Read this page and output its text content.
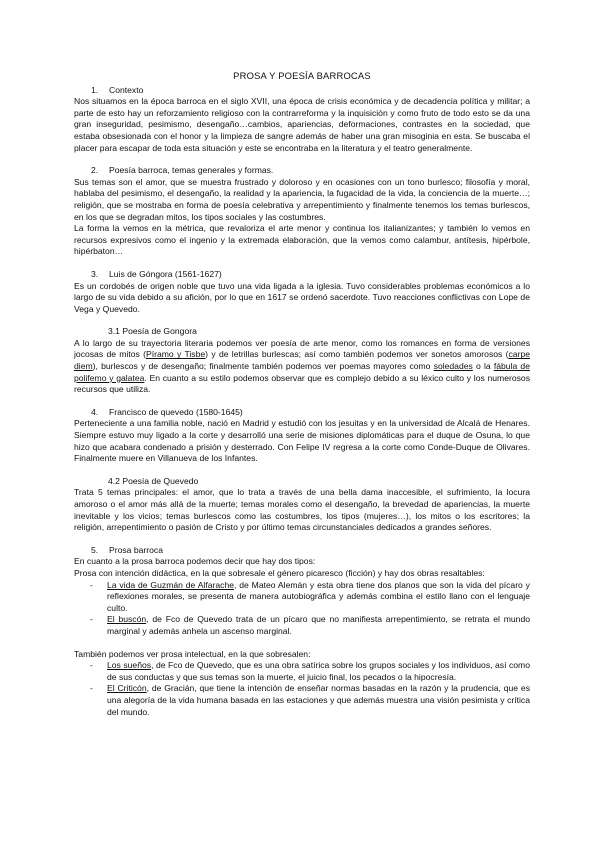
PROSA Y POESÍA BARROCAS
1. Contexto

Nos situamos en la época barroca en el siglo XVII, una época de crisis económica y de decadencia política y militar; a parte de esto hay un reforzamiento religioso con la contrarreforma y la inquisición y como fruto de todo esto se da una gran inseguridad, pesimismo, desengaño…cambios, apariencias, deformaciones, contrastes en la sociedad, que estaba obsesionada con el honor y la limpieza de sangre además de haber una gran misoginia en esta. Se buscaba el placer para escapar de toda esta situación y este se encontraba en la literatura y el teatro generalmente.

2. Poesía barroca, temas generales y formas.

Sus temas son el amor, que se muestra frustrado y doloroso y en ocasiones con un tono burlesco; filosofía y moral, hablaba del pesimismo, el desengaño, la realidad y la apariencia, la fugacidad de la vida, la conciencia de la muerte…; religión, que se mostraba en forma de poesía celebrativa y arrepentimiento y finalmente tenemos los temas burlescos, en los que se degradan mitos, los tipos sociales y las costumbres.

La forma la vemos en la métrica, que revaloriza el arte menor y continua los italianizantes; y también lo vemos en recursos expresivos como el ingenio y la extremada elaboración, que la vemos como calambur, antítesis, hipérbole, hipérbaton…

3. Luis de Góngora (1561-1627)

Es un cordobés de origen noble que tuvo una vida ligada a la iglesia. Tuvo considerables problemas económicos a lo largo de su vida debido a su afición, por lo que en 1617 se ordenó sacerdote. Tuvo reacciones conflictivas con Lope de Vega y Quevedo.

3.1 Poesía de Gongora

A lo largo de su trayectoria literaria podemos ver poesía de arte menor, como los romances en forma de versiones jocosas de mitos (Píramo y Tisbe) y de letrillas burlescas; así como también podemos ver sonetos amorosos (carpe diem), burlescos y de desengaño; finalmente también podemos ver poemas mayores como soledades o la fábula de polifemo y galatea. En cuanto a su estilo podemos observar que es complejo debido a su léxico culto y los numerosos recursos que utiliza.

4. Francisco de quevedo (1580-1645)

Perteneciente a una familia noble, nació en Madrid y estudió con los jesuitas y en la universidad de Alcalá de Henares. Siempre estuvo muy ligado a la corte y desarrolló una serie de misiones diplomáticas para el duque de Osuna, lo que hizo que acabara condenado a prisión y desterrado. Con Felipe IV regresa a la corte como Conde-Duque de Olivares. Finalmente muere en Villanueva de los Infantes.

4.2 Poesía de Quevedo

Trata 5 temas principales: el amor, que lo trata a través de una bella dama inaccesible, el sufrimiento, la locura amoroso o el amor más allá de la muerte; temas morales como el desengaño, la brevedad de apariencias, la muerte inevitable y los vicios; temas burlescos como las costumbres, los tipos (mujeres…), los mitos o los escritores; la religión, arrepentimiento o pasión de Cristo y por último temas circunstanciales dedicados a grandes señores.

5. Prosa barroca

En cuanto a la prosa barroca podemos decir que hay dos tipos:

Prosa con intención didáctica, en la que sobresale el género picaresco (ficción) y hay dos obras resaltables:

- La vida de Guzmán de Alfarache, de Mateo Alemán y esta obra tiene dos planos que son la vida del pícaro y reflexiones morales, se presenta de manera autobiográfica y además combina el estilo llano con el lenguaje culto.
- El buscón, de Fco de Quevedo trata de un pícaro que no manifiesta arrepentimiento, se retrata el mundo marginal y además anhela un ascenso marginal.

También podemos ver prosa intelectual, en la que sobresalen:

- Los sueños, de Fco de Quevedo, que es una obra satírica sobre los grupos sociales y los individuos, así como de sus conductas y que sus temas son la muerte, el juicio final, los pecados o la hipocresía.
- El Criticón, de Gracián, que tiene la intención de enseñar normas basadas en la razón y la prudencia, que es una alegoría de la vida humana basada en las estaciones y que además muestra una visión pesimista y crítica del mundo.
